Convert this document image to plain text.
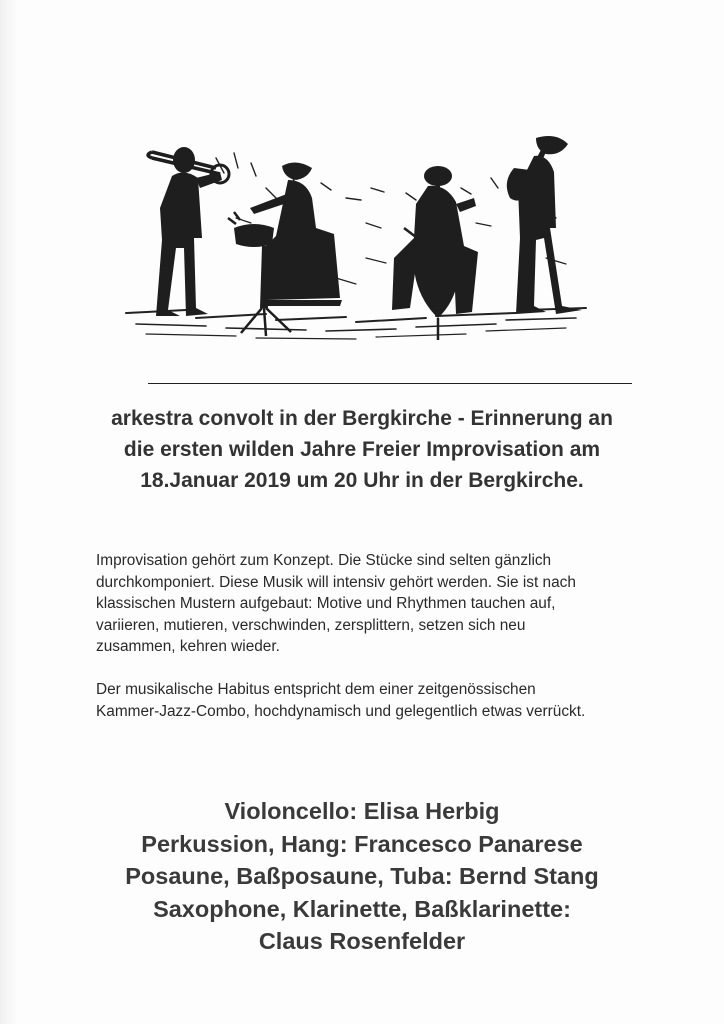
arkestra convolt in der Bergkirche - Erinnerung an
die ersten wilden Jahre Freier Improvisation am
18.Januar 2019 um 20 Uhr in der Bergkirche.
Improvisation gehört zum Konzept. Die Stücke sind selten gänzlich
durchkomponiert. Diese Musik will intensiv gehört werden. Sie ist nach
klassischen Mustern aufgebaut: Motive und Rhythmen tauchen auf,
variieren, mutieren, verschwinden, zersplittern, setzen sich neu
zusammen, kehren wieder.
Der musikalische Habitus entspricht dem einer zeitgenössischen
Kammer-Jazz-Combo, hochdynamisch und gelegentlich etwas verrückt.
Violoncello: Elisa Herbig
Perkussion, Hang: Francesco Panarese
Posaune, Baßposaune, Tuba: Bernd Stang
Saxophone, Klarinette, Baßklarinette:
Claus Rosenfelder
